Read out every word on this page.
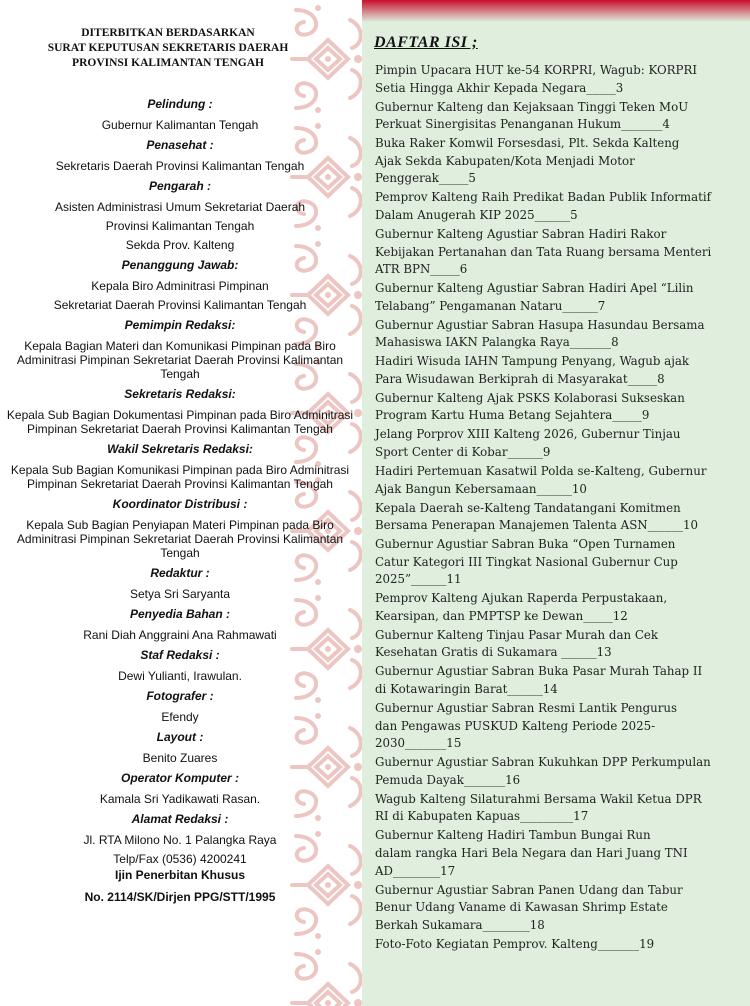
DITERBITKAN BERDASARKAN
SURAT KEPUTUSAN SEKRETARIS DAERAH
PROVINSI KALIMANTAN TENGAH
Pelindung :
Gubernur Kalimantan Tengah
Penasehat :
Sekretaris Daerah Provinsi Kalimantan Tengah
Pengarah :
Asisten Administrasi Umum Sekretariat Daerah
Provinsi Kalimantan Tengah
Sekda Prov. Kalteng
Penanggung Jawab:
Kepala Biro Adminitrasi Pimpinan
Sekretariat Daerah Provinsi Kalimantan Tengah
Pemimpin Redaksi:
Kepala Bagian Materi dan Komunikasi Pimpinan pada Biro Adminitrasi Pimpinan Sekretariat Daerah Provinsi Kalimantan Tengah
Sekretaris Redaksi:
Kepala Sub Bagian Dokumentasi Pimpinan pada Biro Adminitrasi Pimpinan Sekretariat Daerah Provinsi Kalimantan Tengah
Wakil Sekretaris Redaksi:
Kepala Sub Bagian Komunikasi Pimpinan pada Biro Adminitrasi Pimpinan Sekretariat Daerah Provinsi Kalimantan Tengah
Koordinator Distribusi :
Kepala Sub Bagian Penyiapan Materi Pimpinan pada Biro Adminitrasi Pimpinan Sekretariat Daerah Provinsi Kalimantan Tengah
Redaktur :
Setya Sri Saryanta
Penyedia Bahan :
Rani Diah Anggraini Ana Rahmawati
Staf Redaksi :
Dewi Yulianti, Irawulan.
Fotografer :
Efendy
Layout :
Benito Zuares
Operator Komputer :
Kamala Sri Yadikawati Rasan.
Alamat Redaksi :
Jl. RTA Milono No. 1 Palangka Raya
Telp/Fax (0536) 4200241
Ijin Penerbitan Khusus
No. 2114/SK/Dirjen PPG/STT/1995
DAFTAR ISI ;
Pimpin Upacara HUT ke-54 KORPRI, Wagub: KORPRI
Setia Hingga Akhir Kepada Negara_____3
Gubernur Kalteng dan Kejaksaan Tinggi Teken MoU
Perkuat Sinergisitas Penanganan Hukum_______4
Buka Raker Komwil Forsesdasi, Plt. Sekda Kalteng
Ajak Sekda Kabupaten/Kota Menjadi Motor
Penggerak_____5
Pemprov Kalteng Raih Predikat Badan Publik Informatif
Dalam Anugerah KIP 2025______5
Gubernur Kalteng Agustiar Sabran Hadiri Rakor
Kebijakan Pertanahan dan Tata Ruang bersama Menteri
ATR BPN_____6
Gubernur Kalteng Agustiar Sabran Hadiri Apel “Lilin
Telabang” Pengamanan Nataru______7
Gubernur Agustiar Sabran Hasupa Hasundau Bersama
Mahasiswa IAKN Palangka Raya_______8
Hadiri Wisuda IAHN Tampung Penyang, Wagub ajak
Para Wisudawan Berkiprah di Masyarakat_____8
Gubernur Kalteng Ajak PSKS Kolaborasi Sukseskan
Program Kartu Huma Betang Sejahtera_____9
Jelang Porprov XIII Kalteng 2026, Gubernur Tinjau
Sport Center di Kobar______9
Hadiri Pertemuan Kasatwil Polda se-Kalteng, Gubernur
Ajak Bangun Kebersamaan______10
Kepala Daerah se-Kalteng Tandatangani Komitmen
Bersama Penerapan Manajemen Talenta ASN______10
Gubernur Agustiar Sabran Buka “Open Turnamen
Catur Kategori III Tingkat Nasional Gubernur Cup
2025”______11
Pemprov Kalteng Ajukan Raperda Perpustakaan,
Kearsipan, dan PMPTSP ke Dewan_____12
Gubernur Kalteng Tinjau Pasar Murah dan Cek
Kesehatan Gratis di Sukamara ______13
Gubernur Agustiar Sabran Buka Pasar Murah Tahap II
di Kotawaringin Barat______14
Gubernur Agustiar Sabran Resmi Lantik Pengurus
dan Pengawas PUSKUD Kalteng Periode 2025-
2030_______15
Gubernur Agustiar Sabran Kukuhkan DPP Perkumpulan
Pemuda Dayak_______16
Wagub Kalteng Silaturahmi Bersama Wakil Ketua DPR
RI di Kabupaten Kapuas_________17
Gubernur Kalteng Hadiri Tambun Bungai Run
dalam rangka Hari Bela Negara dan Hari Juang TNI
AD________17
Gubernur Agustiar Sabran Panen Udang dan Tabur
Benur Udang Vaname di Kawasan Shrimp Estate
Berkah Sukamara________18
Foto-Foto Kegiatan Pemprov. Kalteng_______19
